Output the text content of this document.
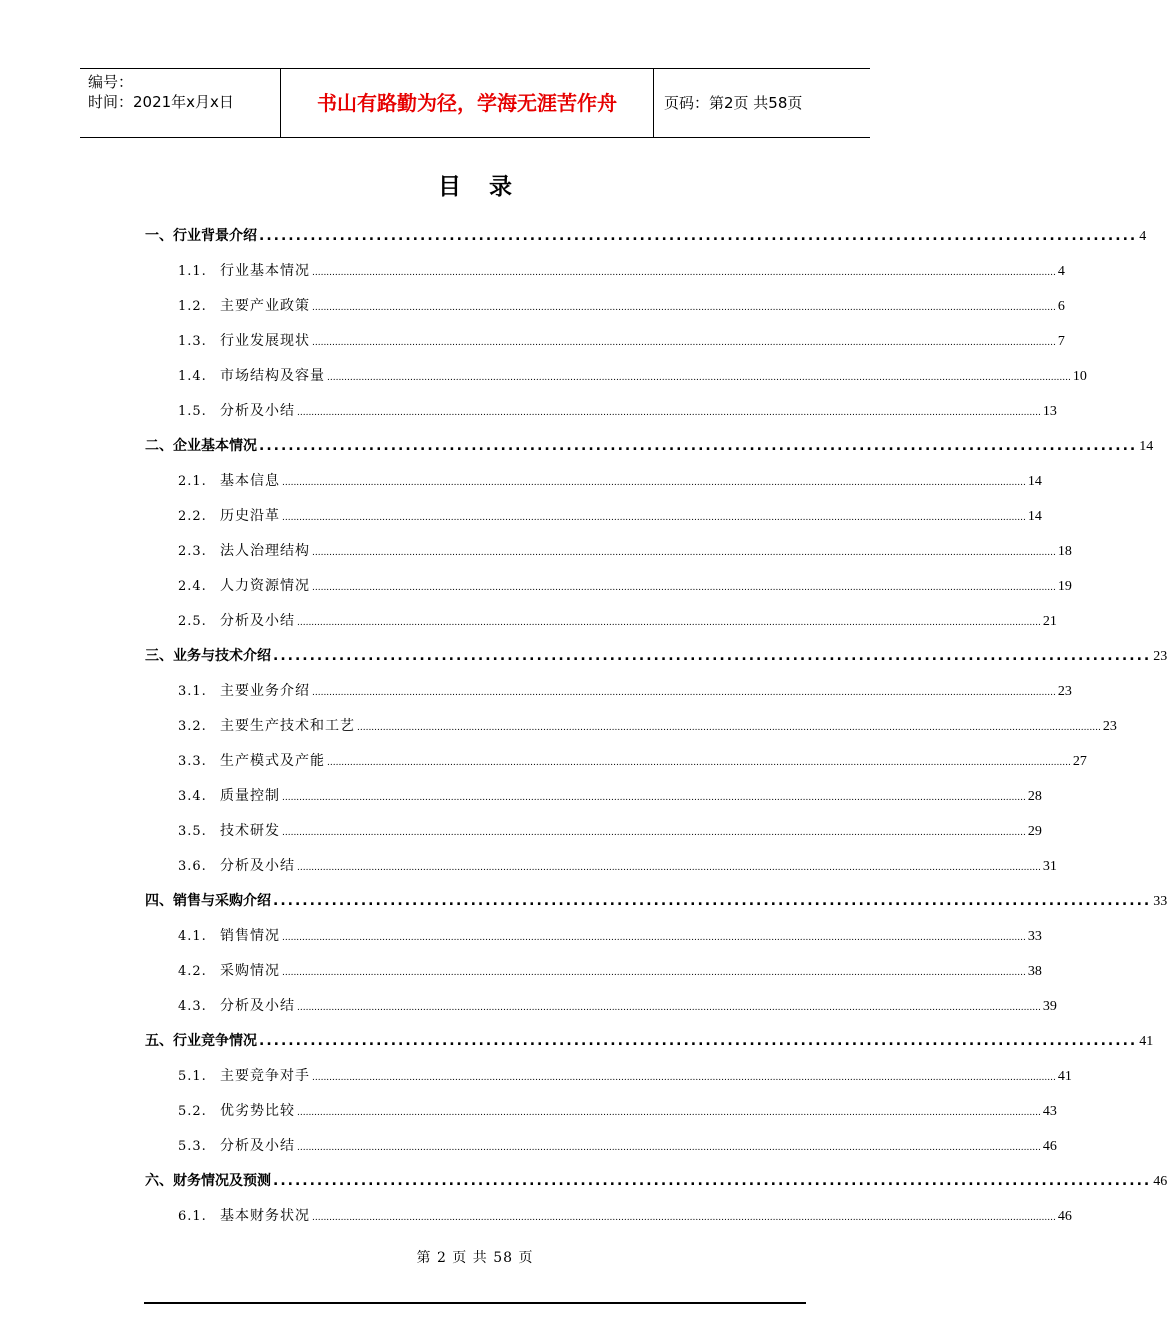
编号：
时间：2021年x月x日	书山有路勤为径，学海无涯苦作舟	页码：第2页 共58页
目录
一、行业背景介绍 ........................................................................................................................ 4
1.1. 行业基本情况 .................................................................................................................................................................................................................................................................... 4
1.2. 主要产业政策 .................................................................................................................................................................................................................................................................... 6
1.3. 行业发展现状 .................................................................................................................................................................................................................................................................... 7
1.4. 市场结构及容量 .................................................................................................................................................................................................................................................................... 10
1.5. 分析及小结 .................................................................................................................................................................................................................................................................... 13
二、企业基本情况 ........................................................................................................................ 14
2.1. 基本信息 .................................................................................................................................................................................................................................................................... 14
2.2. 历史沿革 .................................................................................................................................................................................................................................................................... 14
2.3. 法人治理结构 .................................................................................................................................................................................................................................................................... 18
2.4. 人力资源情况 .................................................................................................................................................................................................................................................................... 19
2.5. 分析及小结 .................................................................................................................................................................................................................................................................... 21
三、业务与技术介绍 ........................................................................................................................ 23
3.1. 主要业务介绍 .................................................................................................................................................................................................................................................................... 23
3.2. 主要生产技术和工艺 .................................................................................................................................................................................................................................................................... 23
3.3. 生产模式及产能 .................................................................................................................................................................................................................................................................... 27
3.4. 质量控制 .................................................................................................................................................................................................................................................................... 28
3.5. 技术研发 .................................................................................................................................................................................................................................................................... 29
3.6. 分析及小结 .................................................................................................................................................................................................................................................................... 31
四、销售与采购介绍 ........................................................................................................................ 33
4.1. 销售情况 .................................................................................................................................................................................................................................................................... 33
4.2. 采购情况 .................................................................................................................................................................................................................................................................... 38
4.3. 分析及小结 .................................................................................................................................................................................................................................................................... 39
五、行业竞争情况 ........................................................................................................................ 41
5.1. 主要竞争对手 .................................................................................................................................................................................................................................................................... 41
5.2. 优劣势比较 .................................................................................................................................................................................................................................................................... 43
5.3. 分析及小结 .................................................................................................................................................................................................................................................................... 46
六、财务情况及预测 ........................................................................................................................ 46
6.1. 基本财务状况 .................................................................................................................................................................................................................................................................... 46
第 2 页 共 58 页
